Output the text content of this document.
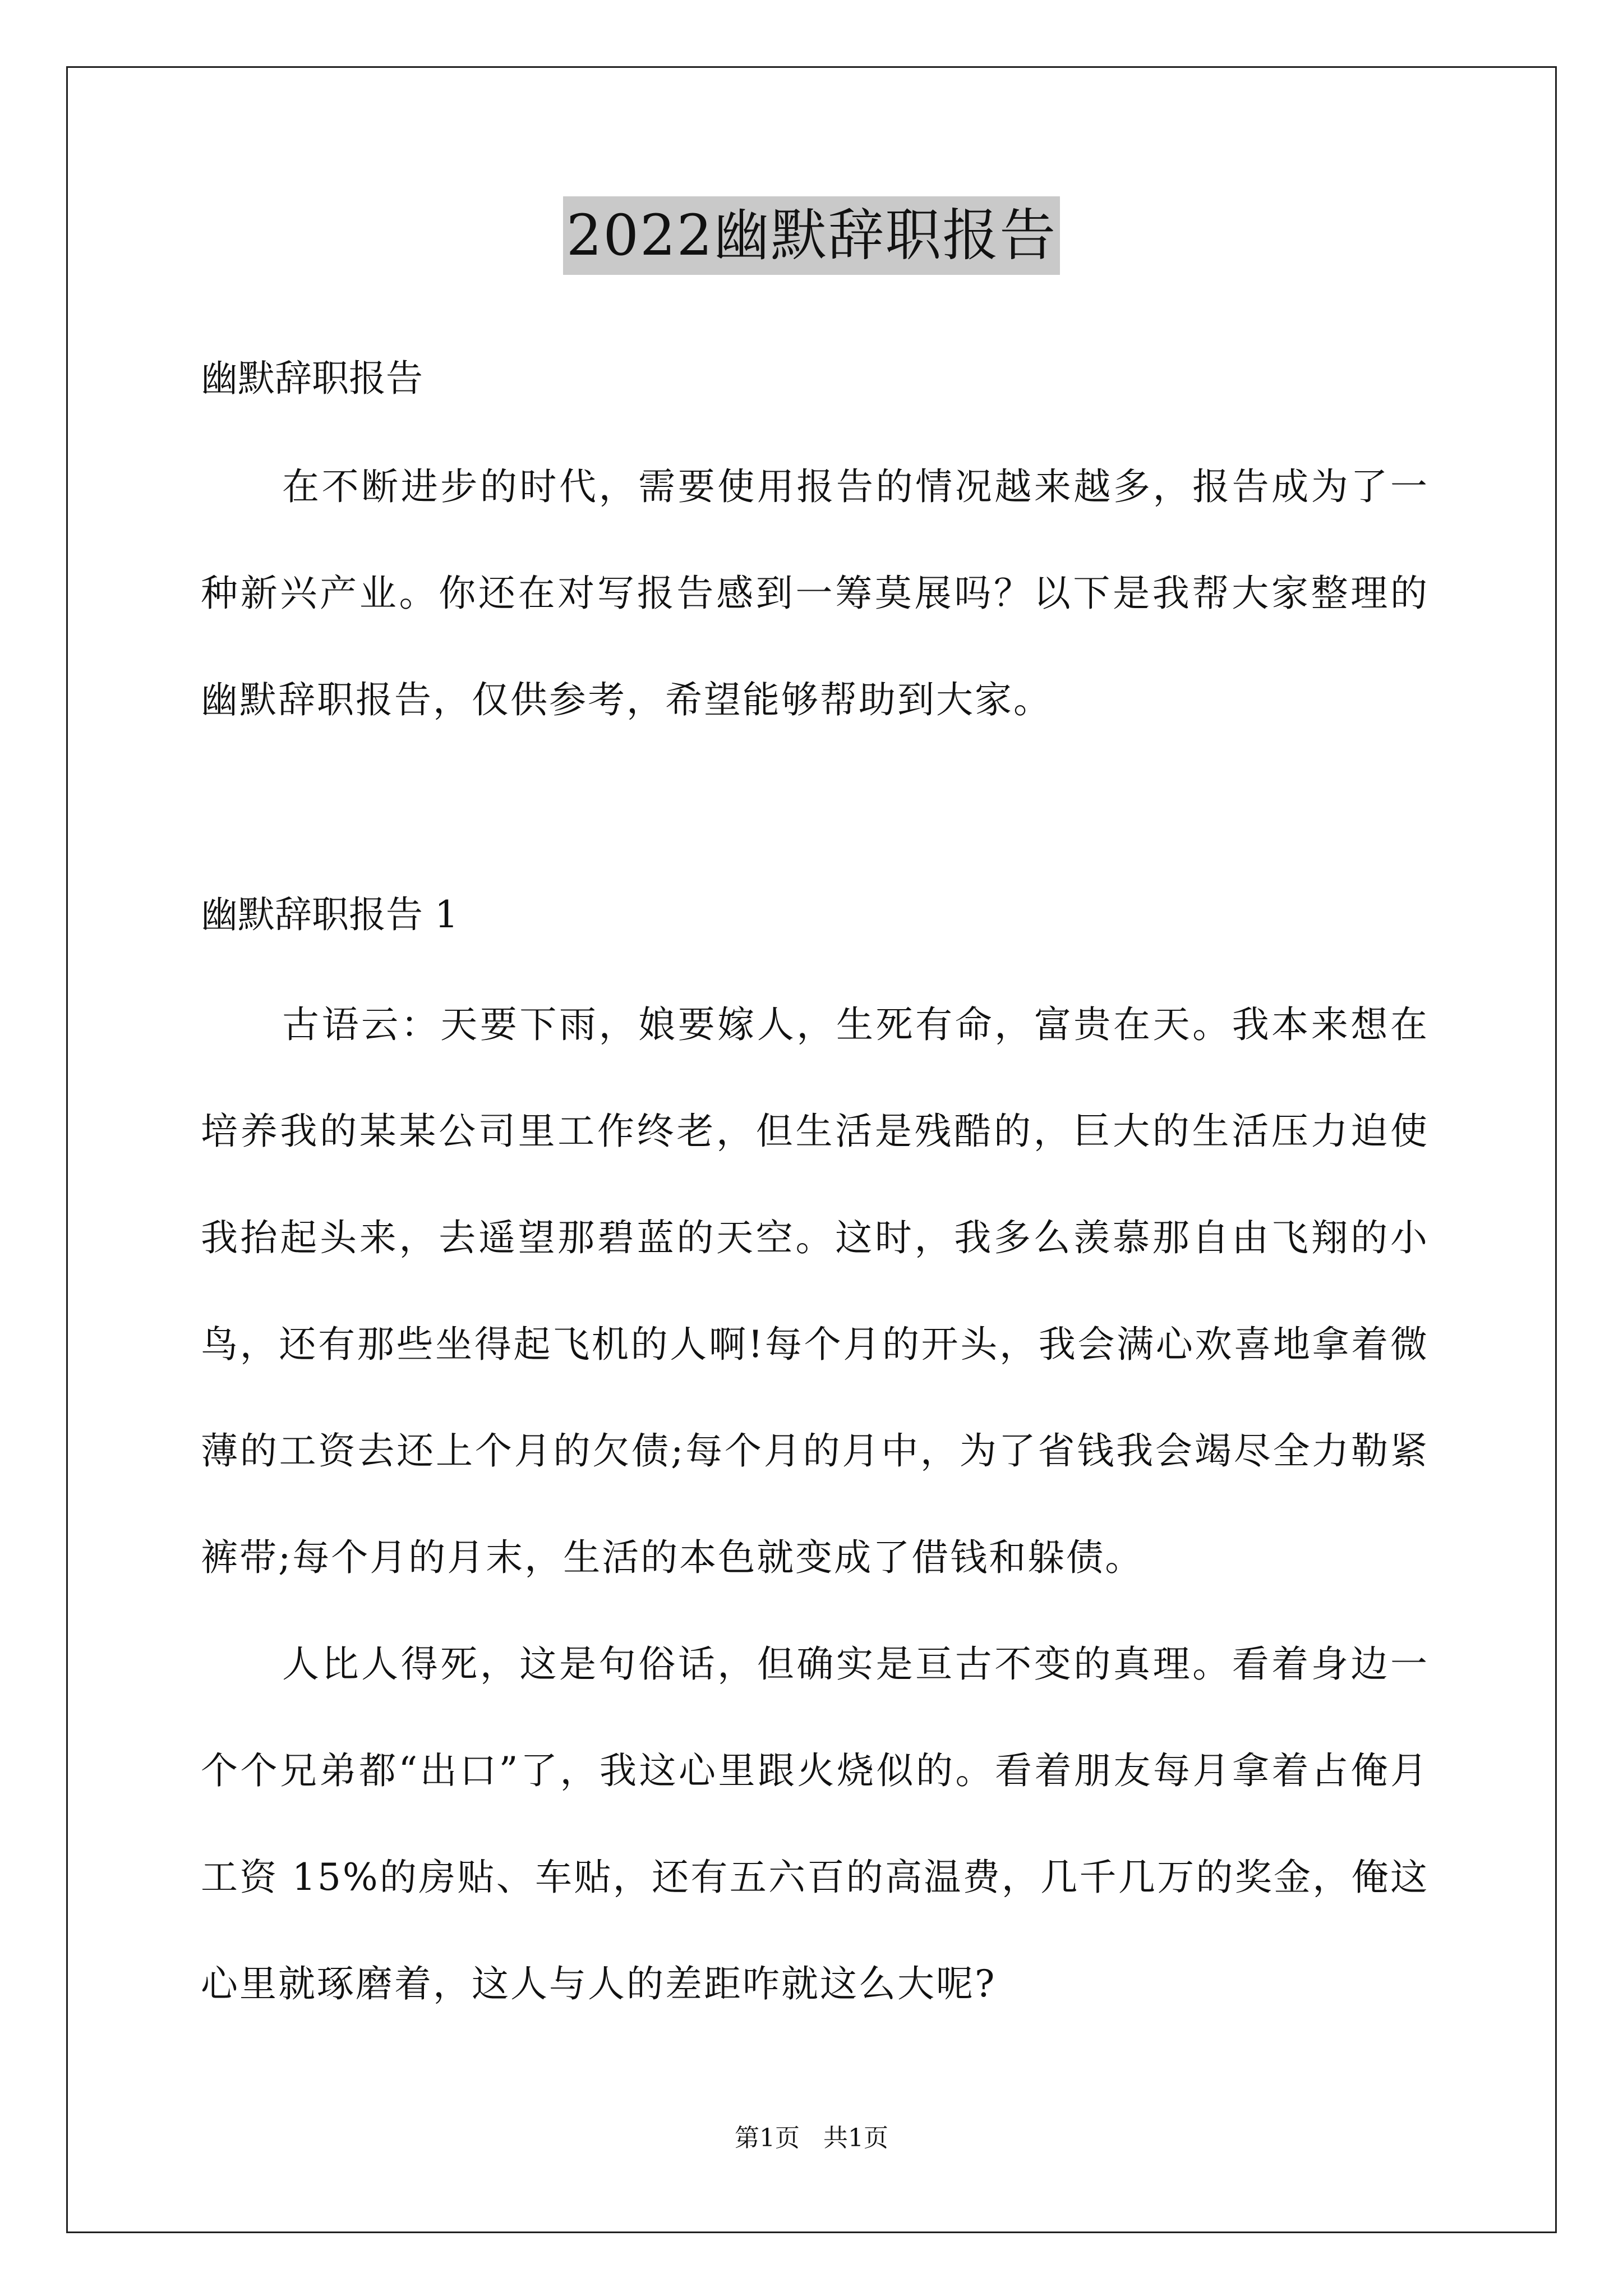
2022幽默辞职报告
幽默辞职报告
在不断进步的时代，需要使用报告的情况越来越多，报告成为了一种新兴产业。你还在对写报告感到一筹莫展吗？以下是我帮大家整理的幽默辞职报告，仅供参考，希望能够帮助到大家。
幽默辞职报告 1
古语云：天要下雨，娘要嫁人，生死有命，富贵在天。我本来想在培养我的某某公司里工作终老，但生活是残酷的，巨大的生活压力迫使我抬起头来，去遥望那碧蓝的天空。这时，我多么羡慕那自由飞翔的小鸟，还有那些坐得起飞机的人啊!每个月的开头，我会满心欢喜地拿着微薄的工资去还上个月的欠债;每个月的月中，为了省钱我会竭尽全力勒紧裤带;每个月的月末，生活的本色就变成了借钱和躲债。
人比人得死，这是句俗话，但确实是亘古不变的真理。看着身边一个个兄弟都“出口”了，我这心里跟火烧似的。看着朋友每月拿着占俺月工资 15%的房贴、车贴，还有五六百的高温费，几千几万的奖金，俺这心里就琢磨着，这人与人的差距咋就这么大呢?
第1页 共1页
